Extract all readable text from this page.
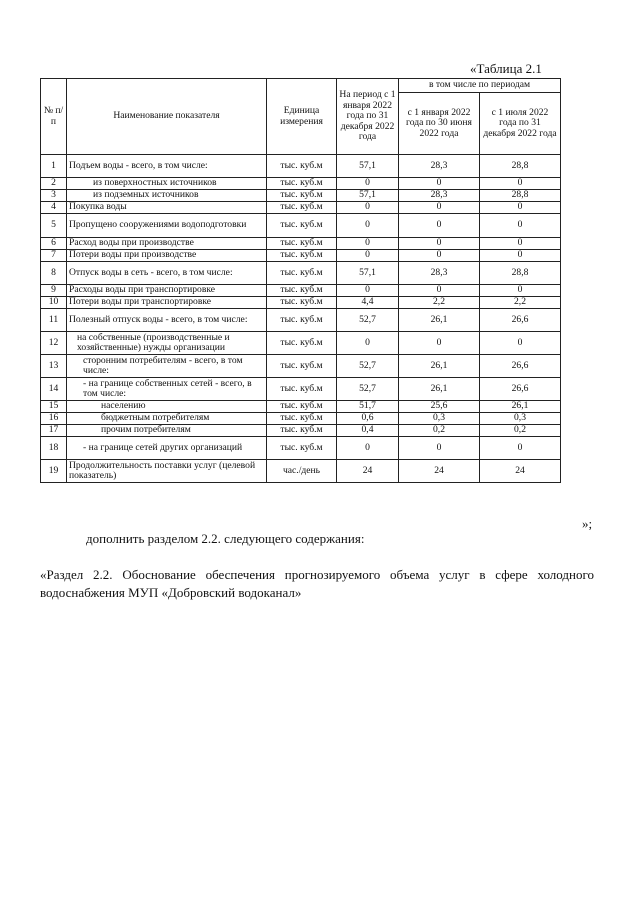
«Таблица 2.1
№ п/п	Наименование показателя	Единица измерения	На период с 1 января 2022 года по 31 декабря 2022 года	в том числе по периодам	
				с 1 января 2022 года по 30 июня 2022 года	с 1 июля 2022 года по 31 декабря 2022 года
1	Подъем воды - всего, в том числе:	тыс. куб.м	57,1	28,3	28,8
2	из поверхностных источников	тыс. куб.м	0	0	0
3	из подземных источников	тыс. куб.м	57,1	28,3	28,8
4	Покупка воды	тыс. куб.м	0	0	0
5	Пропущено сооружениями водоподготовки	тыс. куб.м	0	0	0
6	Расход воды при производстве	тыс. куб.м	0	0	0
7	Потери воды при производстве	тыс. куб.м	0	0	0
8	Отпуск воды в сеть - всего, в том числе:	тыс. куб.м	57,1	28,3	28,8
9	Расходы воды при транспортировке	тыс. куб.м	0	0	0
10	Потери воды при транспортировке	тыс. куб.м	4,4	2,2	2,2
11	Полезный отпуск воды - всего, в том числе:	тыс. куб.м	52,7	26,1	26,6
12	на собственные (производственные и хозяйственные) нужды организации	тыс. куб.м	0	0	0
13	сторонним потребителям - всего, в том числе:	тыс. куб.м	52,7	26,1	26,6
14	- на границе собственных сетей - всего, в том числе:	тыс. куб.м	52,7	26,1	26,6
15	населению	тыс. куб.м	51,7	25,6	26,1
16	бюджетным потребителям	тыс. куб.м	0,6	0,3	0,3
17	прочим потребителям	тыс. куб.м	0,4	0,2	0,2
18	- на границе сетей других организаций	тыс. куб.м	0	0	0
19	Продолжительность поставки услуг (целевой показатель)	час./день	24	24	24
»;
дополнить разделом 2.2. следующего содержания:
«Раздел 2.2. Обоснование обеспечения прогнозируемого объема услуг в сфере холодного водоснабжения МУП «Добровский водоканал»
